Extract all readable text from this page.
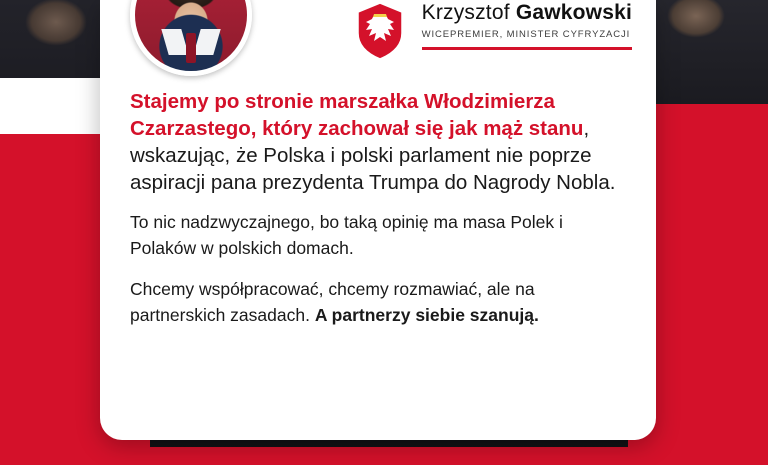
Krzysztof Gawkowski
WICEPREMIER, MINISTER CYFRYZACJI

Stajemy po stronie marszałka Włodzimierza Czarzastego, który zachował się jak mąż stanu, wskazując, że Polska i polski parlament nie poprze aspiracji pana prezydenta Trumpa do Nagrody Nobla.

To nic nadzwyczajnego, bo taką opinię ma masa Polek i Polaków w polskich domach.

Chcemy współpracować, chcemy rozmawiać, ale na partnerskich zasadach. A partnerzy siebie szanują.
